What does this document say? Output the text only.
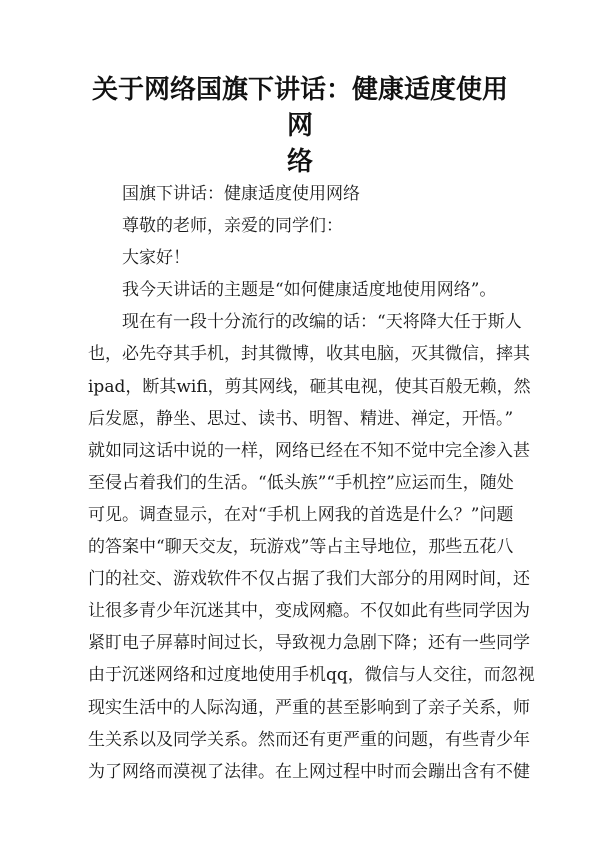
关于网络国旗下讲话：健康适度使用网
络
国旗下讲话：健康适度使用网络
尊敬的老师，亲爱的同学们：
大家好！
我今天讲话的主题是“如何健康适度地使用网络”。
现在有一段十分流行的改编的话：“天将降大任于斯人
也，必先夺其手机，封其微博，收其电脑，灭其微信，摔其
ipad，断其wifi，剪其网线，砸其电视，使其百般无赖，然
后发愿，静坐、思过、读书、明智、精进、禅定，开悟。”
就如同这话中说的一样，网络已经在不知不觉中完全渗入甚
至侵占着我们的生活。“低头族”“手机控”应运而生，随处
可见。调查显示，在对“手机上网我的首选是什么？”问题
的答案中“聊天交友，玩游戏”等占主导地位，那些五花八
门的社交、游戏软件不仅占据了我们大部分的用网时间，还
让很多青少年沉迷其中，变成网瘾。不仅如此有些同学因为
紧盯电子屏幕时间过长，导致视力急剧下降；还有一些同学
由于沉迷网络和过度地使用手机qq，微信与人交往，而忽视
现实生活中的人际沟通，严重的甚至影响到了亲子关系，师
生关系以及同学关系。然而还有更严重的问题，有些青少年
为了网络而漠视了法律。在上网过程中时而会蹦出含有不健
